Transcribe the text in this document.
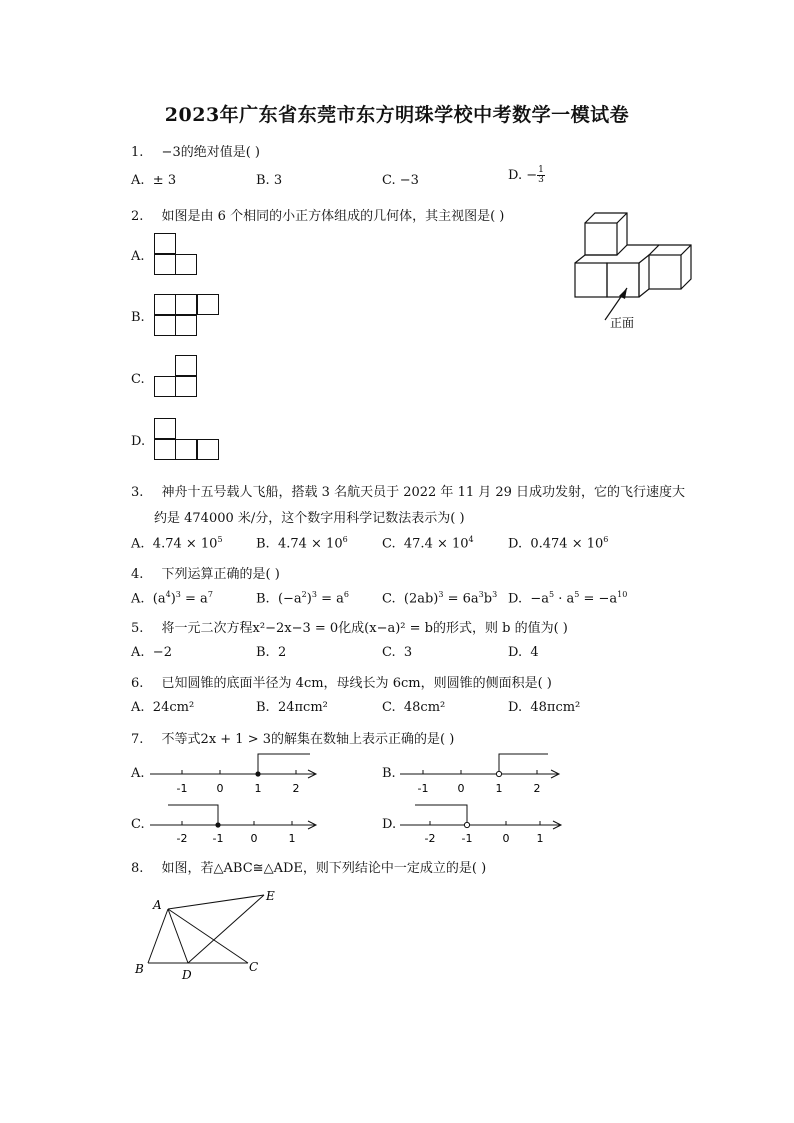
2023年广东省东莞市东方明珠学校中考数学一模试卷
1. −3的绝对值是( )
A. ± 3	B. 3	C. −3	D. − $\frac{1}{3}$
2. 如图是由 6 个相同的小正方体组成的几何体，其主视图是( )
A.
B.
C.
D.
正面
3. 神舟十五号载人飞船，搭载 3 名航天员于 2022 年 11 月 29 日成功发射，它的飞行速度大
约是 474000 米/分，这个数字用科学记数法表示为( )
A. $4.74 \times 10^5$	B. $4.74 \times 10^6$	C. $47.4 \times 10^4$	D. $0.474 \times 10^6$
4. 下列运算正确的是( )
A.  $(a^4)^3 = a^7$	B.  $(-a^2)^3 = a^6$	C.  $(2ab)^3 = 6a^3b^3$ D.  $-a^5 \cdot a^5 = -a^{10}$
5. 将一元二次方程x²−2x−3 = 0化成(x−a)² = b的形式，则 b 的值为( )
A. −2	B. 2	C. 3	D. 4
6. 已知圆锥的底面半径为 4cm，母线长为 6cm，则圆锥的侧面积是( )
A. 24cm²	B. 24πcm²	C. 48cm²	D. 48πcm²
7. 不等式2x + 1 > 3的解集在数轴上表示正确的是( )
A.
-1	0	1	2
B.
-1	0	1	2
C.
-2 -1 0	1
D.
-2 -1	0 1
8. 如图，若△ABC≅△ADE，则下列结论中一定成立的是( )
A
E
B	D
C
